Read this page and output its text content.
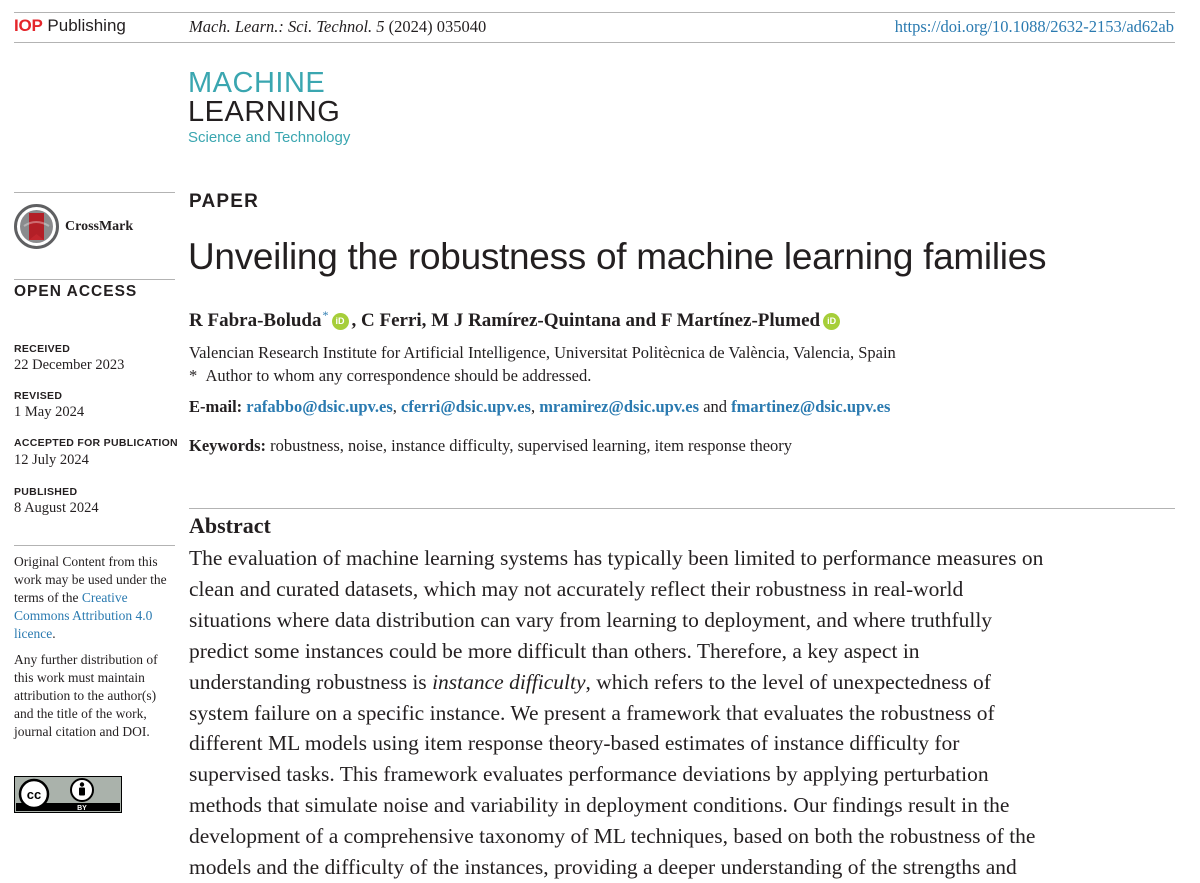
IOP Publishing	Mach. Learn.: Sci. Technol. 5 (2024) 035040	https://doi.org/10.1088/2632-2153/ad62ab
MACHINE
LEARNING
Science and Technology
CrossMark
OPEN ACCESS
RECEIVED
22 December 2023
REVISED
1 May 2024
ACCEPTED FOR PUBLICATION
12 July 2024
PUBLISHED
8 August 2024

Original Content from this work may be used under the terms of the Creative Commons Attribution 4.0 licence.

Any further distribution of this work must maintain attribution to the author(s) and the title of the work, journal citation and DOI.

cc
BY
PAPER
Unveiling the robustness of machine learning families
R Fabra-Boluda* iD ,
C Ferri, M J Ramírez-Quintana and F Martínez-Plumed iD
Valencian Research Institute for Artificial Intelligence, Universitat Politècnica de València, Valencia, Spain
* Author to whom any correspondence should be addressed.
E-mail: rafabbo@dsic.upv.es, cferri@dsic.upv.es, mramirez@dsic.upv.es and fmartinez@dsic.upv.es
Keywords: robustness, noise, instance difficulty, supervised learning, item response theory
Abstract
The evaluation of machine learning systems has typically been limited to performance measures on
clean and curated datasets, which may not accurately reflect their robustness in real-world
situations where data distribution can vary from learning to deployment, and where truthfully
predict some instances could be more difficult than others. Therefore, a key aspect in
understanding robustness is instance difficulty, which refers to the level of unexpectedness of
system failure on a specific instance. We present a framework that evaluates the robustness of
different ML models using item response theory-based estimates of instance difficulty for
supervised tasks. This framework evaluates performance deviations by applying perturbation
methods that simulate noise and variability in deployment conditions. Our findings result in the
development of a comprehensive taxonomy of ML techniques, based on both the robustness of the
models and the difficulty of the instances, providing a deeper understanding of the strengths and
